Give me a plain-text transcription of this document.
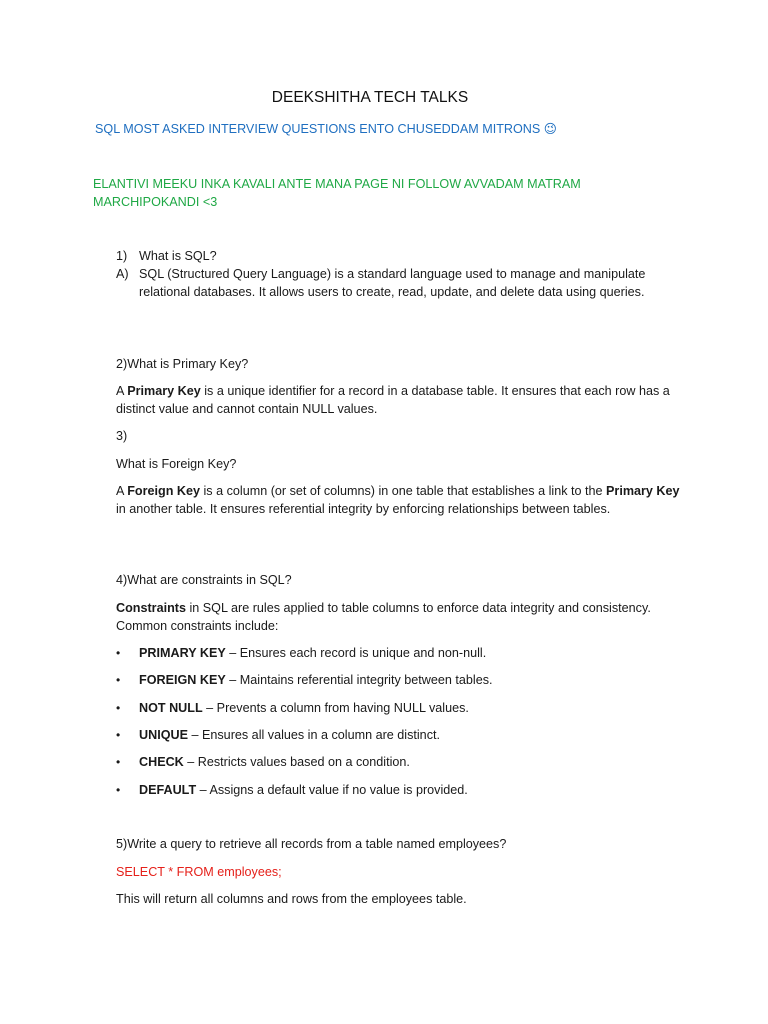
DEEKSHITHA TECH TALKS

SQL MOST ASKED INTERVIEW QUESTIONS ENTO CHUSEDDAM MITRONS 😉

ELANTIVI MEEKU INKA KAVALI ANTE MANA PAGE NI FOLLOW AVVADAM MATRAM MARCHIPOKANDI <3

1) What is SQL?
A) SQL (Structured Query Language) is a standard language used to manage and manipulate relational databases. It allows users to create, read, update, and delete data using queries.

2)What is Primary Key?

A Primary Key is a unique identifier for a record in a database table. It ensures that each row has a distinct value and cannot contain NULL values.

3)

What is Foreign Key?

A Foreign Key is a column (or set of columns) in one table that establishes a link to the Primary Key in another table. It ensures referential integrity by enforcing relationships between tables.

4)What are constraints in SQL?

Constraints in SQL are rules applied to table columns to enforce data integrity and consistency. Common constraints include:

•	PRIMARY KEY – Ensures each record is unique and non-null.
•	FOREIGN KEY – Maintains referential integrity between tables.
•	NOT NULL – Prevents a column from having NULL values.
•	UNIQUE – Ensures all values in a column are distinct.
•	CHECK – Restricts values based on a condition.
•	DEFAULT – Assigns a default value if no value is provided.

5)Write a query to retrieve all records from a table named employees?

SELECT * FROM employees;

This will return all columns and rows from the employees table.
